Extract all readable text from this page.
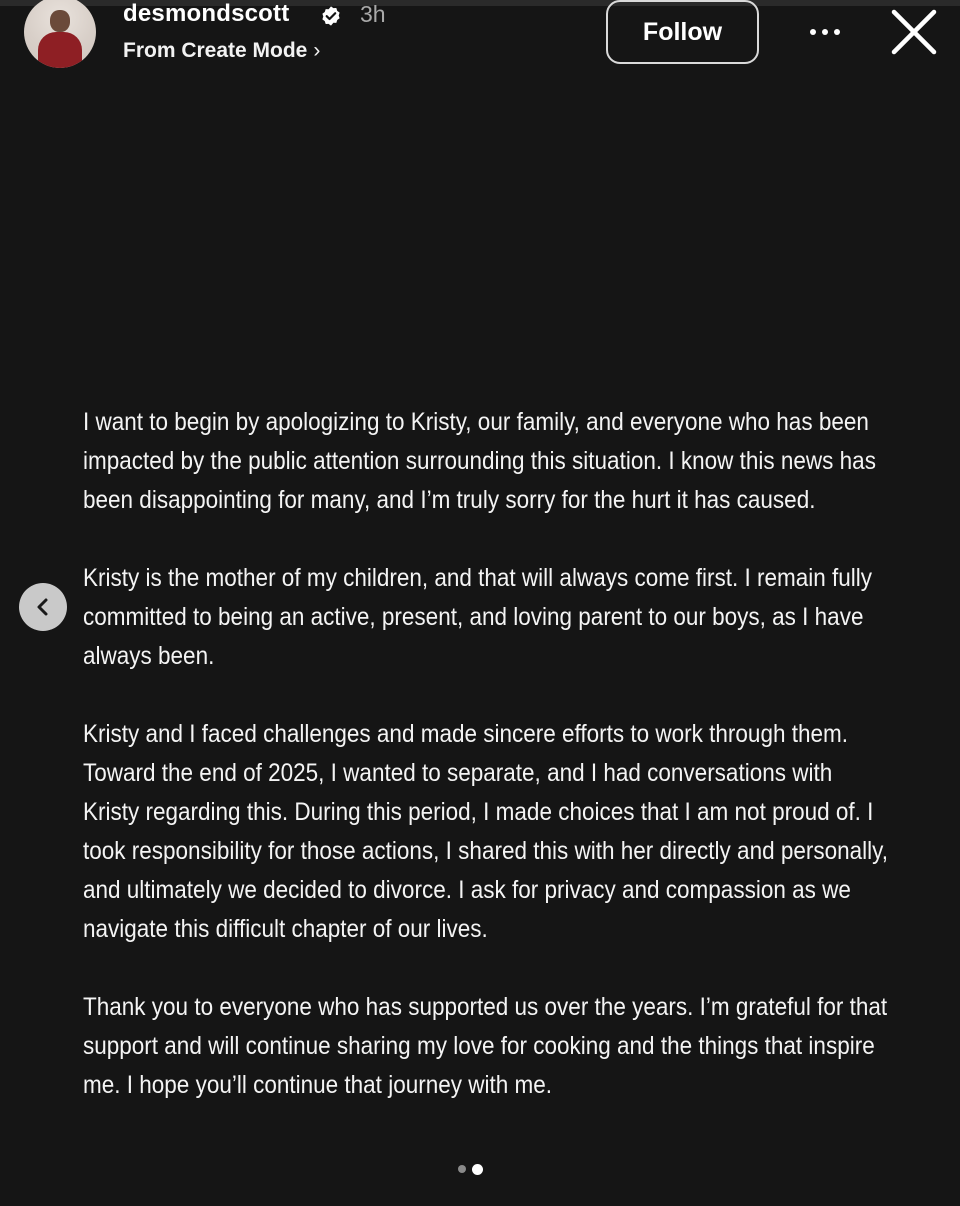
desmondscott	3h
From Create Mode ›
Follow

I want to begin by apologizing to Kristy, our family, and everyone who has been impacted by the public attention surrounding this situation. I know this news has been disappointing for many, and I’m truly sorry for the hurt it has caused.

Kristy is the mother of my children, and that will always come first. I remain fully committed to being an active, present, and loving parent to our boys, as I have always been.

Kristy and I faced challenges and made sincere efforts to work through them. Toward the end of 2025, I wanted to separate, and I had conversations with Kristy regarding this. During this period, I made choices that I am not proud of. I took responsibility for those actions, I shared this with her directly and personally, and ultimately we decided to divorce. I ask for privacy and compassion as we navigate this difficult chapter of our lives.

Thank you to everyone who has supported us over the years. I’m grateful for that support and will continue sharing my love for cooking and the things that inspire me. I hope you’ll continue that journey with me.
